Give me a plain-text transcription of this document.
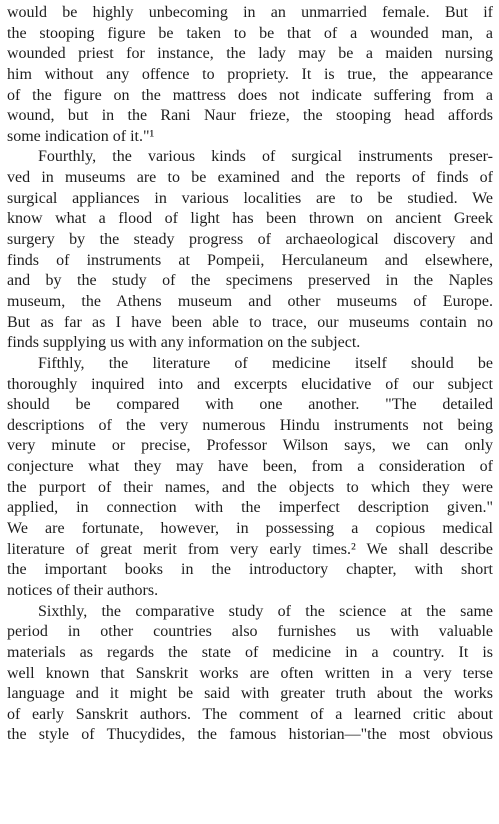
would be highly unbecoming in an unmarried female. But if
the stooping figure be taken to be that of a wounded man, a
wounded priest for instance, the lady may be a maiden nursing
him without any offence to propriety. It is true, the appearance
of the figure on the mattress does not indicate suffering from a
wound, but in the Rani Naur frieze, the stooping head affords
some indication of it."¹

Fourthly, the various kinds of surgical instruments preser-
ved in museums are to be examined and the reports of finds of
surgical appliances in various localities are to be studied. We
know what a flood of light has been thrown on ancient Greek
surgery by the steady progress of archaeological discovery and
finds of instruments at Pompeii, Herculaneum and elsewhere,
and by the study of the specimens preserved in the Naples
museum, the Athens museum and other museums of Europe.
But as far as I have been able to trace, our museums contain no
finds supplying us with any information on the subject.

Fifthly, the literature of medicine itself should be
thoroughly inquired into and excerpts elucidative of our subject
should be compared with one another. "The detailed
descriptions of the very numerous Hindu instruments not being
very minute or precise, Professor Wilson says, we can only
conjecture what they may have been, from a consideration of
the purport of their names, and the objects to which they were
applied, in connection with the imperfect description given."
We are fortunate, however, in possessing a copious medical
literature of great merit from very early times.² We shall describe
the important books in the introductory chapter, with short
notices of their authors.

Sixthly, the comparative study of the science at the same
period in other countries also furnishes us with valuable
materials as regards the state of medicine in a country. It is
well known that Sanskrit works are often written in a very terse
language and it might be said with greater truth about the works
of early Sanskrit authors. The comment of a learned critic about
the style of Thucydides, the famous historian—"the most obvious
